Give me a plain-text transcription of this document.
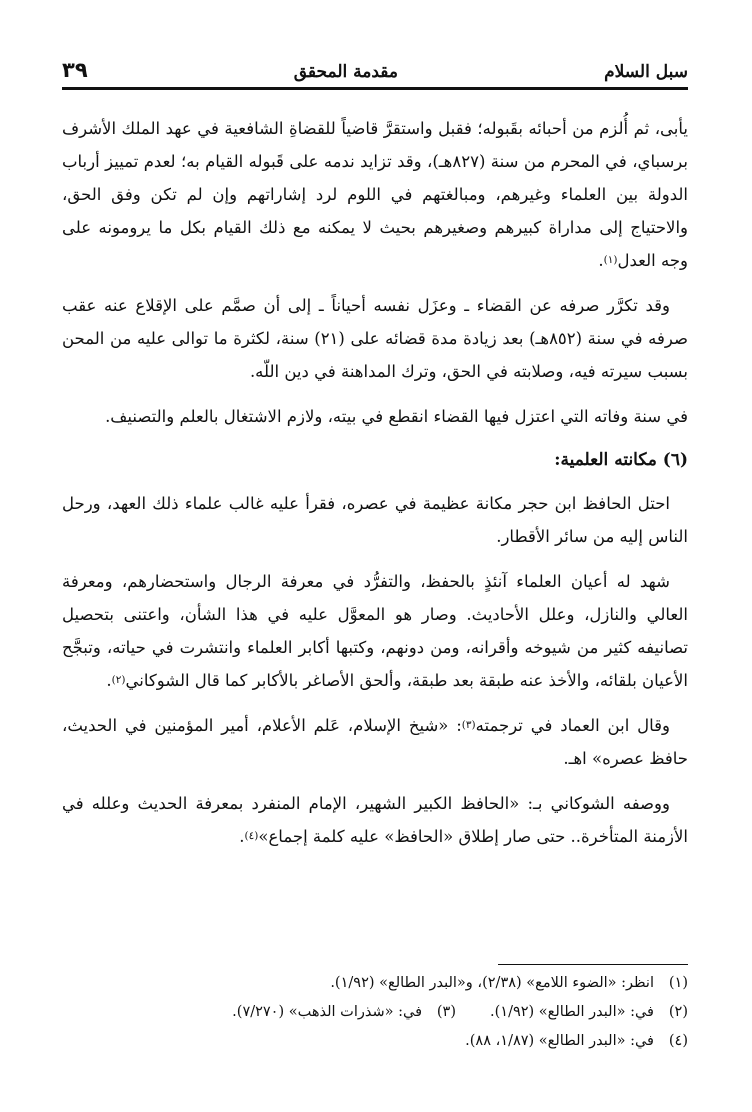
سبل السلام
مقدمة المحقق
٣٩

يأبى، ثم أُلزم من أحبائه بقَبوله؛ فقبل واستقرَّ قاضياً للقضاةِ الشافعية في عهد الملك الأشرف برسباي، في المحرم من سنة (٨٢٧هـ)، وقد تزايد ندمه على قَبوله القيام به؛ لعدم تمييز أرباب الدولة بين العلماء وغيرهم، ومبالغتهم في اللوم لرد إشاراتهم وإن لم تكن وفق الحق، والاحتياج إلى مداراة كبيرهم وصغيرهم بحيث لا يمكنه مع ذلك القيام بكل ما يرومونه على وجه العدل$^{(١)}$.

وقد تكرَّر صرفه عن القضاء ـ وعزَل نفسه أحياناً ـ إلى أن صمَّم على الإقلاع عنه عقب صرفه في سنة (٨٥٢هـ) بعد زيادة مدة قضائه على (٢١) سنة، لكثرة ما توالى عليه من المحن بسبب سيرته فيه، وصلابته في الحق، وترك المداهنة في دين اللّه.

في سنة وفاته التي اعتزل فيها القضاء انقطع في بيته، ولازم الاشتغال بالعلم والتصنيف.

(٦) مكانته العلمية:

احتل الحافظ ابن حجر مكانة عظيمة في عصره، فقرأ عليه غالب علماء ذلك العهد، ورحل الناس إليه من سائر الأقطار.

شهد له أعيان العلماء آنئذٍ بالحفظ، والتفرُّد في معرفة الرجال واستحضارهم، ومعرفة العالي والنازل، وعلل الأحاديث. وصار هو المعوَّل عليه في هذا الشأن، واعتنى بتحصيل تصانيفه كثير من شيوخه وأقرانه، ومن دونهم، وكتبها أكابر العلماء وانتشرت في حياته، وتبجَّح الأعيان بلقائه، والأخذ عنه طبقة بعد طبقة، وألحق الأصاغر بالأكابر كما قال الشوكاني$^{(٢)}$.

وقال ابن العماد في ترجمته$^{(٣)}$: «شيخ الإسلام، عَلم الأعلام، أمير المؤمنين في الحديث، حافظ عصره» اهـ.

ووصفه الشوكاني بـ: «الحافظ الكبير الشهير، الإمام المنفرد بمعرفة الحديث وعلله في الأزمنة المتأخرة.. حتى صار إطلاق «الحافظ» عليه كلمة إجماع»$^{(٤)}$.

(١)
انظر: «الضوء اللامع» (٢/٣٨)، و«البدر الطالع» (١/٩٢).
(٢)
في: «البدر الطالع» (١/٩٢).
(٣)
في: «شذرات الذهب» (٧/٢٧٠).
(٤)
في: «البدر الطالع» (١/٨٧، ٨٨).
